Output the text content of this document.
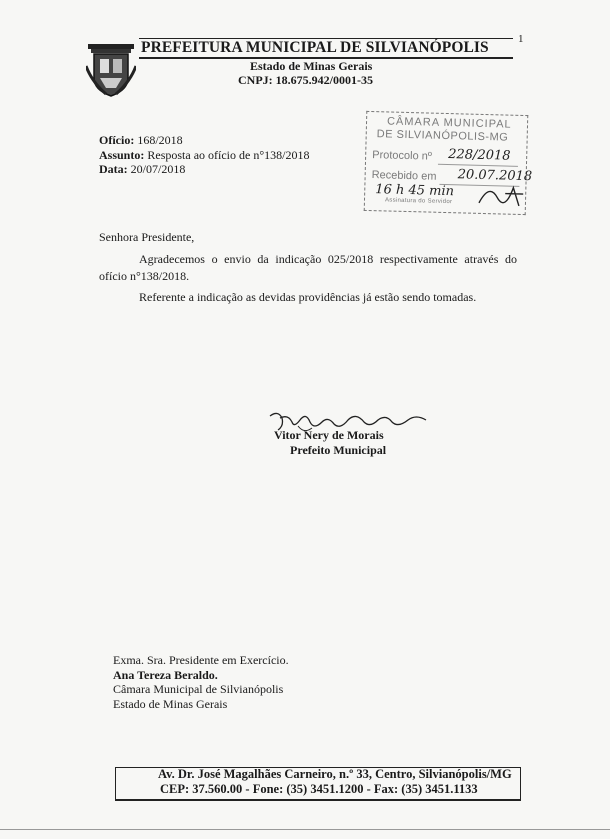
PREFEITURA MUNICIPAL DE SILVIANÓPOLIS	1
Estado de Minas Gerais
CNPJ: 18.675.942/0001-35
Ofício: 168/2018
Assunto: Resposta ao ofício de n°138/2018
Data: 20/07/2018
CÂMARA MUNICIPAL
DE SILVIANÓPOLIS-MG
Protocolo nº 228/2018
Recebido em 20.07.2018
16 h 45 min
Assinatura do Servidor
Senhora Presidente,
Agradecemos o envio da indicação 025/2018 respectivamente através do ofício n°138/2018.
Referente a indicação as devidas providências já estão sendo tomadas.
Vitor Nery de Morais
Prefeito Municipal
Exma. Sra. Presidente em Exercício.
Ana Tereza Beraldo.
Câmara Municipal de Silvianópolis
Estado de Minas Gerais
Av. Dr. José Magalhães Carneiro, n.º 33, Centro, Silvianópolis/MG
CEP: 37.560.00 - Fone: (35) 3451.1200 - Fax: (35) 3451.1133
